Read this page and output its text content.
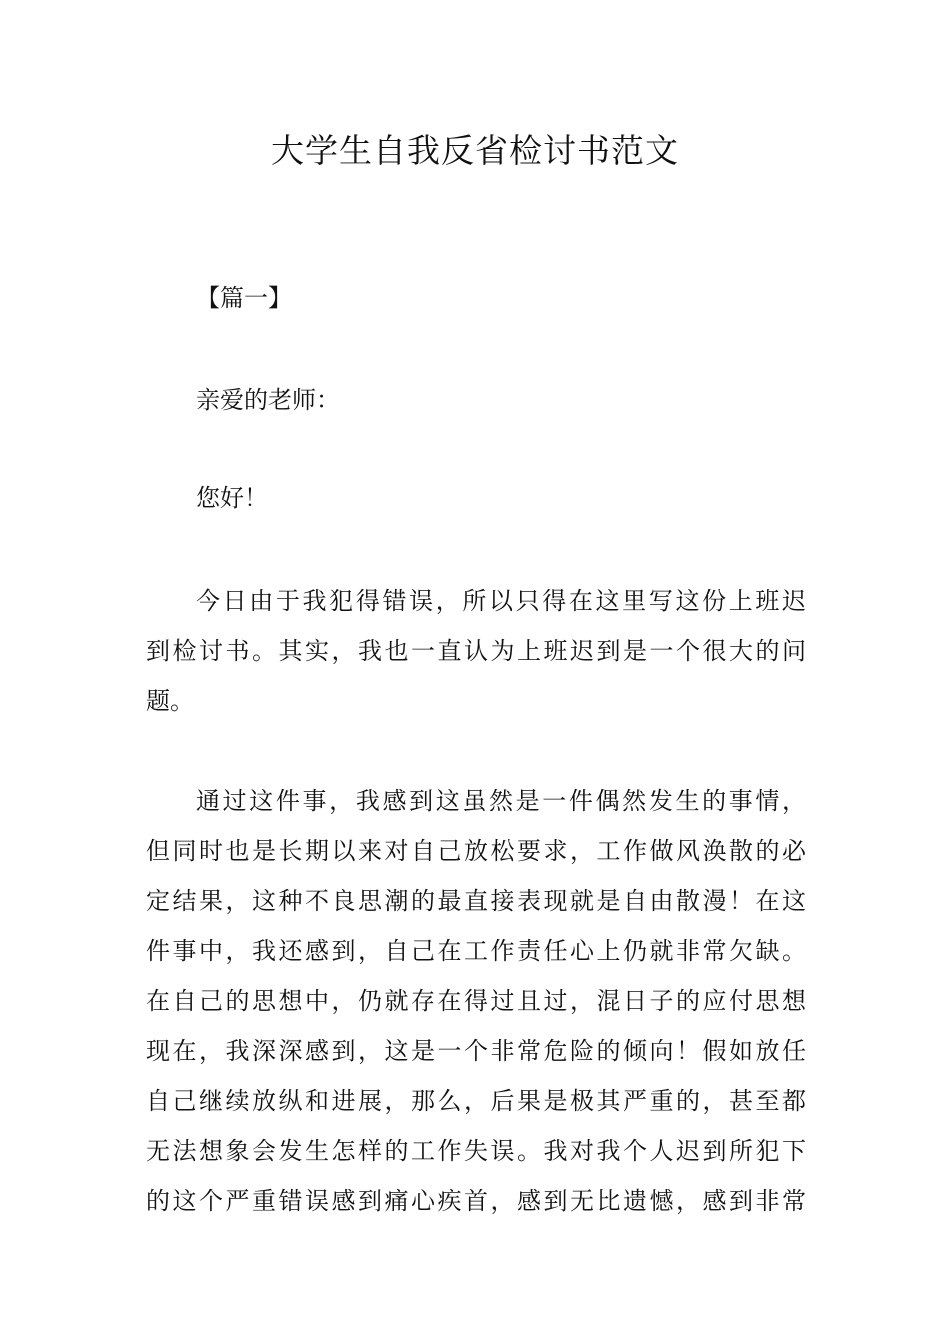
大学生自我反省检讨书范文
【篇一】
亲爱的老师：
您好！
今日由于我犯得错误，所以只得在这里写这份上班迟
到检讨书。其实，我也一直认为上班迟到是一个很大的问
题。
通过这件事，我感到这虽然是一件偶然发生的事情，
但同时也是长期以来对自己放松要求，工作做风涣散的必
定结果，这种不良思潮的最直接表现就是自由散漫！在这
件事中，我还感到，自己在工作责任心上仍就非常欠缺。
在自己的思想中，仍就存在得过且过，混日子的应付思想
现在，我深深感到，这是一个非常危险的倾向！假如放任
自己继续放纵和进展，那么，后果是极其严重的，甚至都
无法想象会发生怎样的工作失误。我对我个人迟到所犯下
的这个严重错误感到痛心疾首，感到无比遗憾，感到非常
